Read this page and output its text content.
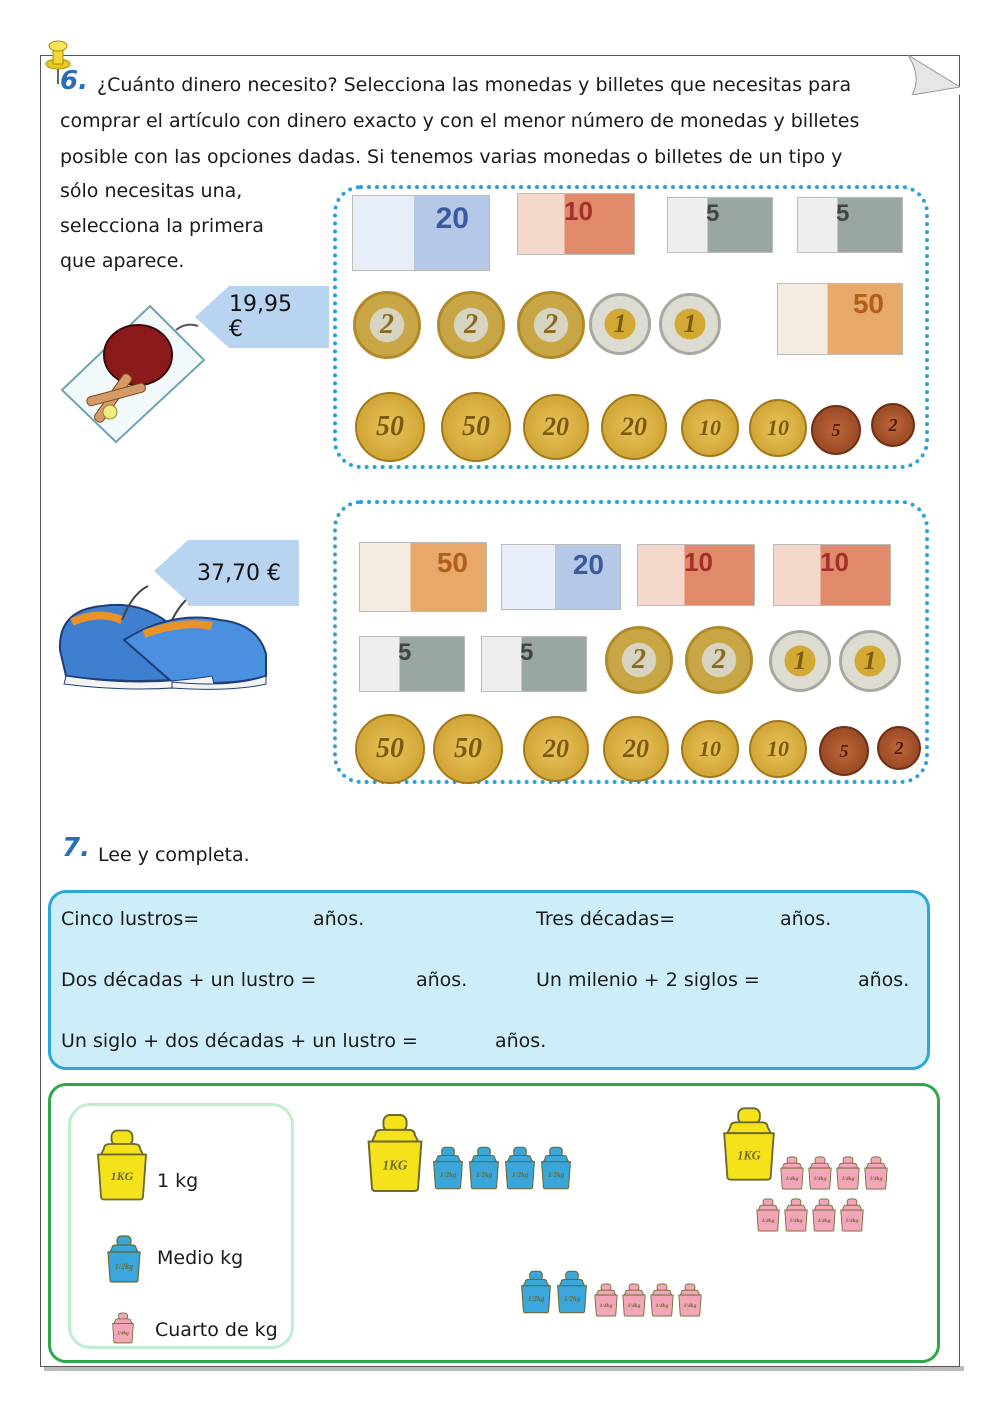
6. ¿Cuánto dinero necesito? Selecciona las monedas y billetes que necesitas para
comprar el artículo con dinero exacto y con el menor número de monedas y billetes
posible con las opciones dadas. Si tenemos varias monedas o billetes de un tipo y
sólo necesitas una,
selecciona la primera
que aparece.
19,95 €
20	10	5	5
2	2	2	1	1
50
50	50	20	20	10	10	5	2
37,70 €	50	20	10	10
5	5	2	2	1	1
50	50	20	20	10	10	5	2
7. Lee y completa.
Cinco lustros=	años.	Tres décadas=	años.
Dos décadas + un lustro =	años.	Un milenio + 2 siglos =	años.
Un siglo + dos décadas + un lustro =	años.
1 kg
Medio kg
Cuarto de kg
1KG
1/2kg
1/4kg
1KG
1/2kg 1/2kg 1/2kg 1/2kg
1KG
1/4kg 1/4kg 1/4kg 1/4kg
1/4kg 1/4kg 1/4kg 1/4kg
1/2kg 1/2kg
1/4kg 1/4kg 1/4kg 1/4kg
